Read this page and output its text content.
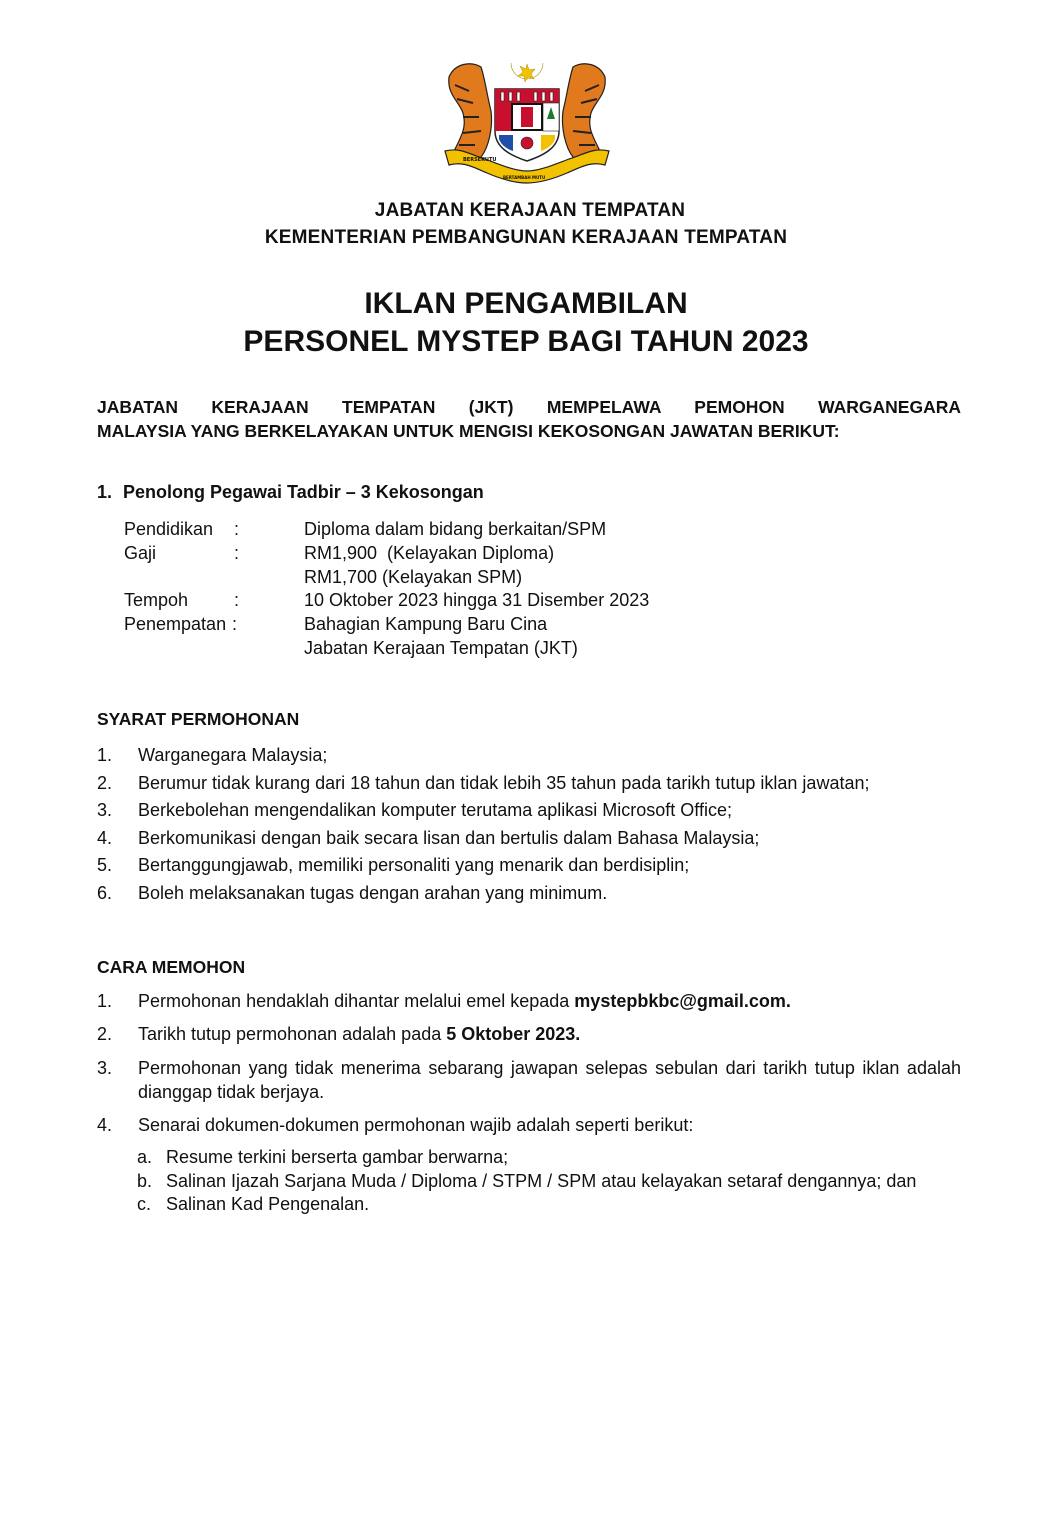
BERSEKUTU
BERTAMBAH MUTU
JABATAN KERAJAAN TEMPATAN
KEMENTERIAN PEMBANGUNAN KERAJAAN TEMPATAN
IKLAN PENGAMBILAN
PERSONEL MYSTEP BAGI TAHUN 2023
JABATAN KERAJAAN TEMPATAN (JKT) MEMPELAWA PEMOHON WARGANEGARA
MALAYSIA YANG BERKELAYAKAN UNTUK MENGISI KEKOSONGAN JAWATAN BERIKUT:
1. Penolong Pegawai Tadbir – 3 Kekosongan
Pendidikan :	Diploma dalam bidang berkaitan/SPM
Gaji	:	RM1,900  (Kelayakan Diploma)
RM1,700 (Kelayakan SPM)
Tempoh	:	10 Oktober 2023 hingga 31 Disember 2023
Penempatan :	Bahagian Kampung Baru Cina
Jabatan Kerajaan Tempatan (JKT)
SYARAT PERMOHONAN
1. Warganegara Malaysia;
2. Berumur tidak kurang dari 18 tahun dan tidak lebih 35 tahun pada tarikh tutup iklan jawatan;
3. Berkebolehan mengendalikan komputer terutama aplikasi Microsoft Office;
4. Berkomunikasi dengan baik secara lisan dan bertulis dalam Bahasa Malaysia;
5. Bertanggungjawab, memiliki personaliti yang menarik dan berdisiplin;
6. Boleh melaksanakan tugas dengan arahan yang minimum.
CARA MEMOHON
1. Permohonan hendaklah dihantar melalui emel kepada mystepbkbc@gmail.com.
2. Tarikh tutup permohonan adalah pada 5 Oktober 2023.
3. Permohonan yang tidak menerima sebarang jawapan selepas sebulan dari tarikh tutup iklan adalah dianggap tidak berjaya.
4. Senarai dokumen-dokumen permohonan wajib adalah seperti berikut:
a. Resume terkini berserta gambar berwarna;
b. Salinan Ijazah Sarjana Muda / Diploma / STPM / SPM atau kelayakan setaraf dengannya; dan
c. Salinan Kad Pengenalan.
